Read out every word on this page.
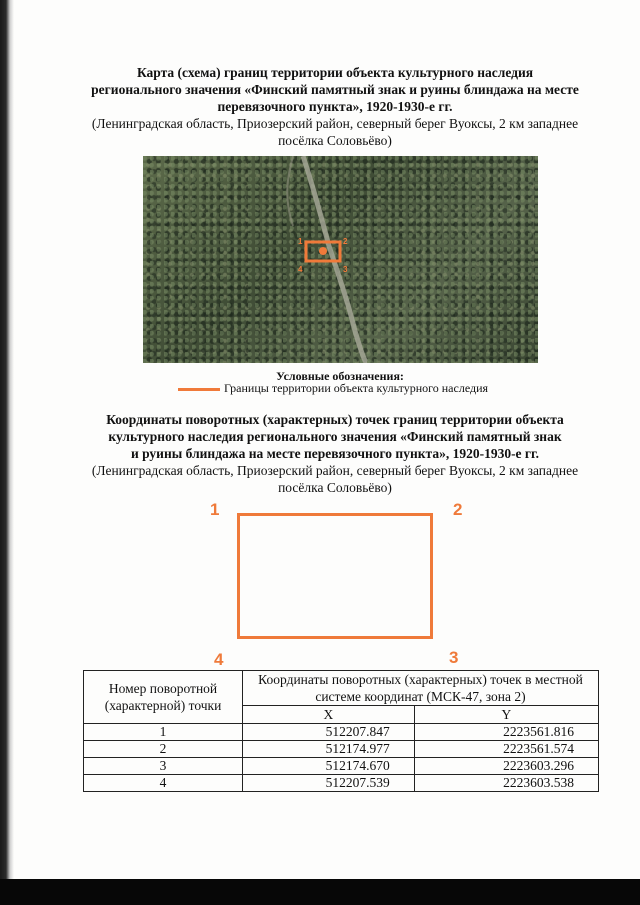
Карта (схема) границ территории объекта культурного наследия
регионального значения «Финский памятный знак и руины блиндажа на месте
перевязочного пункта», 1920-1930-е гг.
(Ленинградская область, Приозерский район, северный берег Вуоксы, 2 км западнее
посёлка Соловьёво)
1	2
3
4
Условные обозначения:
Границы территории объекта культурного наследия
Координаты поворотных (характерных) точек границ территории объекта
культурного наследия регионального значения «Финский памятный знак
и руины блиндажа на месте перевязочного пункта», 1920-1930-е гг.
(Ленинградская область, Приозерский район, северный берег Вуоксы, 2 км западнее
посёлка Соловьёво)
1	2
3
4
Номер поворотной (характерной) точки	Координаты поворотных (характерных) точек в местной системе координат (МСК-47, зона 2)	
	X	Y
1	512207.847	2223561.816
2	512174.977	2223561.574
3	512174.670	2223603.296
4	512207.539	2223603.538
